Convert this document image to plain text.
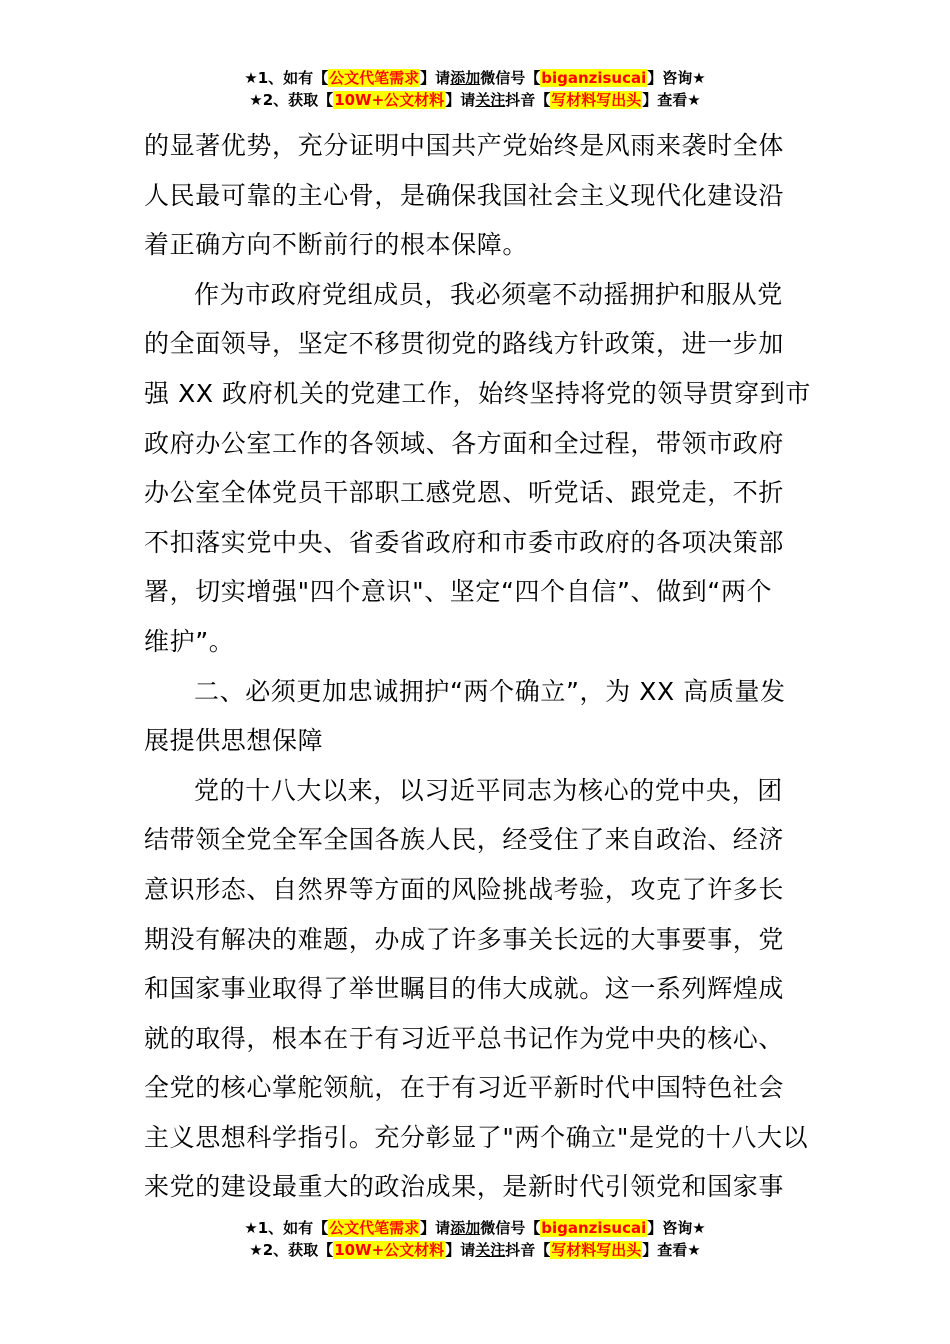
★1、如有【公文代笔需求】请添加微信号【biganzisucai】咨询★
★2、获取【10W+公文材料】请关注抖音【写材料写出头】查看★

的显著优势，充分证明中国共产党始终是风雨来袭时全体
人民最可靠的主心骨，是确保我国社会主义现代化建设沿
着正确方向不断前行的根本保障。

作为市政府党组成员，我必须毫不动摇拥护和服从党
的全面领导，坚定不移贯彻党的路线方针政策，进一步加
强 XX 政府机关的党建工作，始终坚持将党的领导贯穿到市
政府办公室工作的各领域、各方面和全过程，带领市政府
办公室全体党员干部职工感党恩、听党话、跟党走，不折
不扣落实党中央、省委省政府和市委市政府的各项决策部
署，切实增强"四个意识"、坚定“四个自信”、做到“两个
维护”。

二、必须更加忠诚拥护“两个确立”，为 XX 高质量发
展提供思想保障

党的十八大以来，以习近平同志为核心的党中央，团
结带领全党全军全国各族人民，经受住了来自政治、经济
意识形态、自然界等方面的风险挑战考验，攻克了许多长
期没有解决的难题，办成了许多事关长远的大事要事，党
和国家事业取得了举世瞩目的伟大成就。这一系列辉煌成
就的取得，根本在于有习近平总书记作为党中央的核心、
全党的核心掌舵领航，在于有习近平新时代中国特色社会
主义思想科学指引。充分彰显了"两个确立"是党的十八大以
来党的建设最重大的政治成果，是新时代引领党和国家事

★1、如有【公文代笔需求】请添加微信号【biganzisucai】咨询★
★2、获取【10W+公文材料】请关注抖音【写材料写出头】查看★
